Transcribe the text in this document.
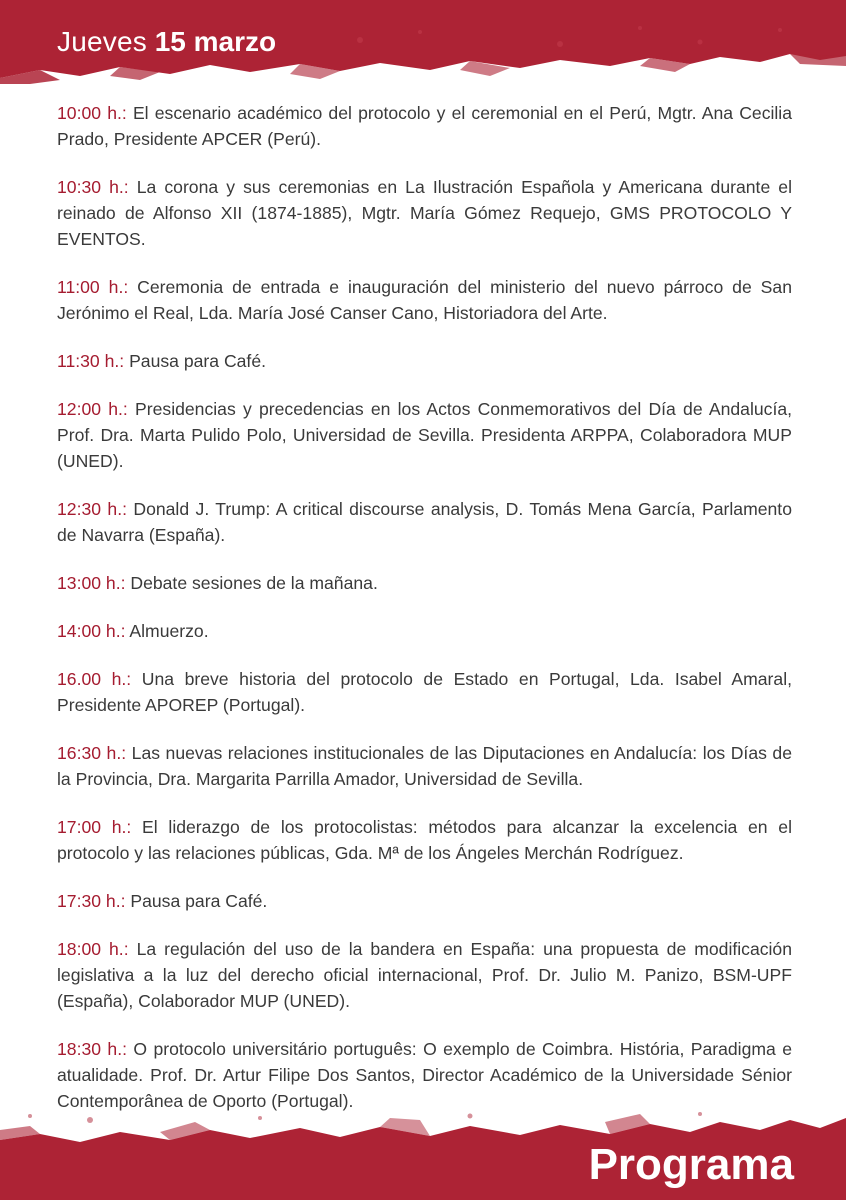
Jueves 15 marzo

10:00 h.: El escenario académico del protocolo y el ceremonial en el Perú, Mgtr. Ana Cecilia Prado, Presidente APCER (Perú).

10:30 h.: La corona y sus ceremonias en La Ilustración Española y Americana durante el reinado de Alfonso XII (1874-1885), Mgtr. María Gómez Requejo, GMS PROTOCOLO Y EVENTOS.

11:00 h.: Ceremonia de entrada e inauguración del ministerio del nuevo párroco de San Jerónimo el Real, Lda. María José Canser Cano, Historiadora del Arte.

11:30 h.: Pausa para Café.

12:00 h.: Presidencias y precedencias en los Actos Conmemorativos del Día de Andalucía, Prof. Dra. Marta Pulido Polo, Universidad de Sevilla. Presidenta ARPPA, Colaboradora MUP (UNED).

12:30 h.: Donald J. Trump: A critical discourse analysis, D. Tomás Mena García, Parlamento de Navarra (España).

13:00 h.: Debate sesiones de la mañana.

14:00 h.: Almuerzo.

16.00 h.: Una breve historia del protocolo de Estado en Portugal, Lda. Isabel Amaral, Presidente APOREP (Portugal).

16:30 h.: Las nuevas relaciones institucionales de las Diputaciones en Andalucía: los Días de la Provincia, Dra. Margarita Parrilla Amador, Universidad de Sevilla.

17:00 h.: El liderazgo de los protocolistas: métodos para alcanzar la excelencia en el protocolo y las relaciones públicas, Gda. Mª de los Ángeles Merchán Rodríguez.

17:30 h.: Pausa para Café.

18:00 h.: La regulación del uso de la bandera en España: una propuesta de modificación legislativa a la luz del derecho oficial internacional, Prof. Dr. Julio M. Panizo, BSM-UPF (España), Colaborador MUP (UNED).

18:30 h.: O protocolo universitário português: O exemplo de Coimbra. História, Paradigma e atualidade. Prof. Dr. Artur Filipe Dos Santos, Director Académico de la Universidade Sénior Contemporânea de Oporto (Portugal).

Programa
